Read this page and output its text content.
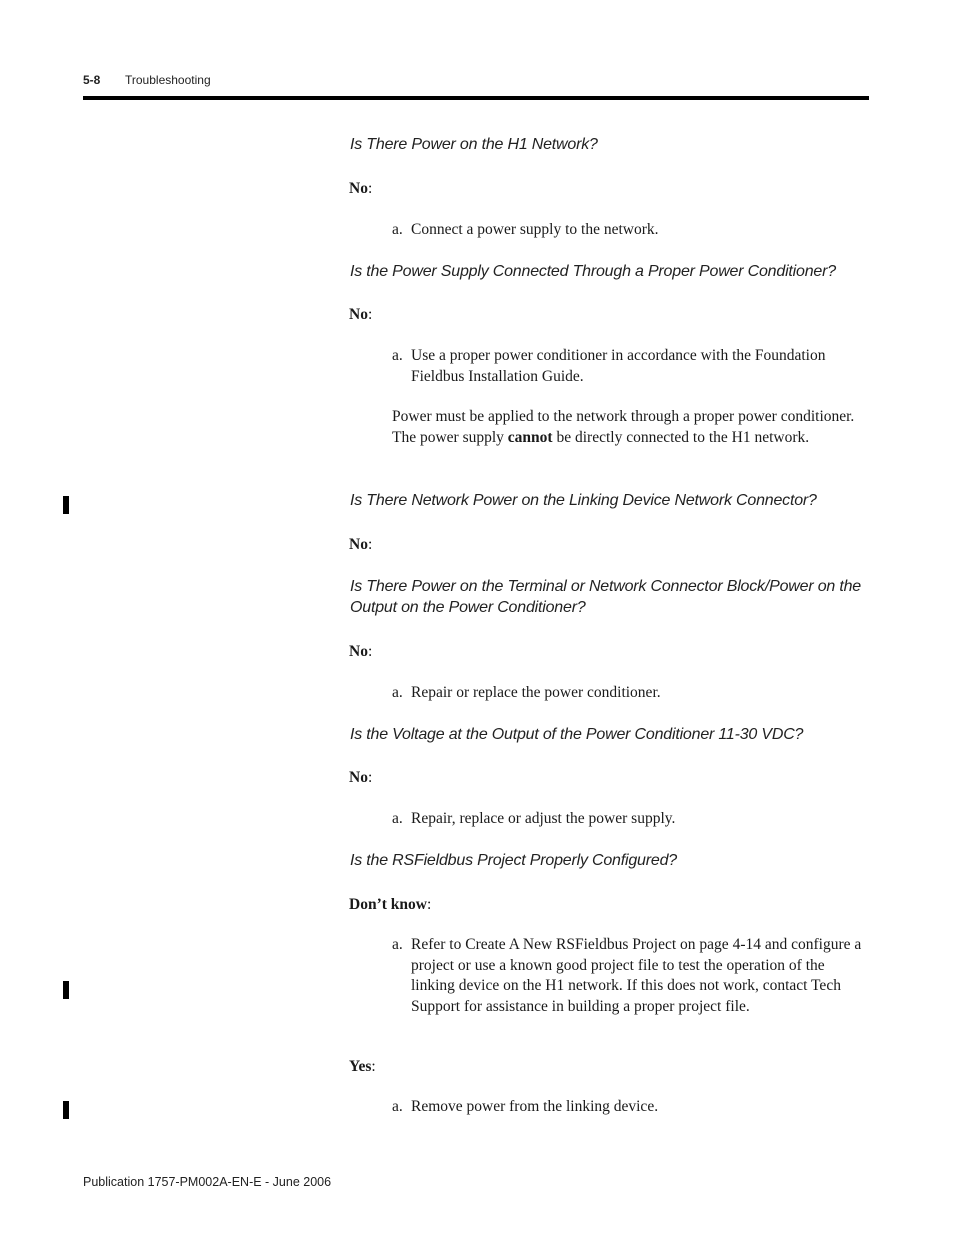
5-8 Troubleshooting
Is There Power on the H1 Network?
No:
a. Connect a power supply to the network.
Is the Power Supply Connected Through a Proper Power Conditioner?
No:
a. Use a proper power conditioner in accordance with the Foundation Fieldbus Installation Guide.
Power must be applied to the network through a proper power conditioner. The power supply cannot be directly connected to the H1 network.
Is There Network Power on the Linking Device Network Connector?
No:
Is There Power on the Terminal or Network Connector Block/Power on the Output on the Power Conditioner?
No:
a. Repair or replace the power conditioner.
Is the Voltage at the Output of the Power Conditioner 11-30 VDC?
No:
a. Repair, replace or adjust the power supply.
Is the RSFieldbus Project Properly Configured?
Don’t know:
a. Refer to Create A New RSFieldbus Project on page 4-14 and configure a project or use a known good project file to test the operation of the linking device on the H1 network. If this does not work, contact Tech Support for assistance in building a proper project file.
Yes:
a. Remove power from the linking device.
Publication 1757-PM002A-EN-E - June 2006
